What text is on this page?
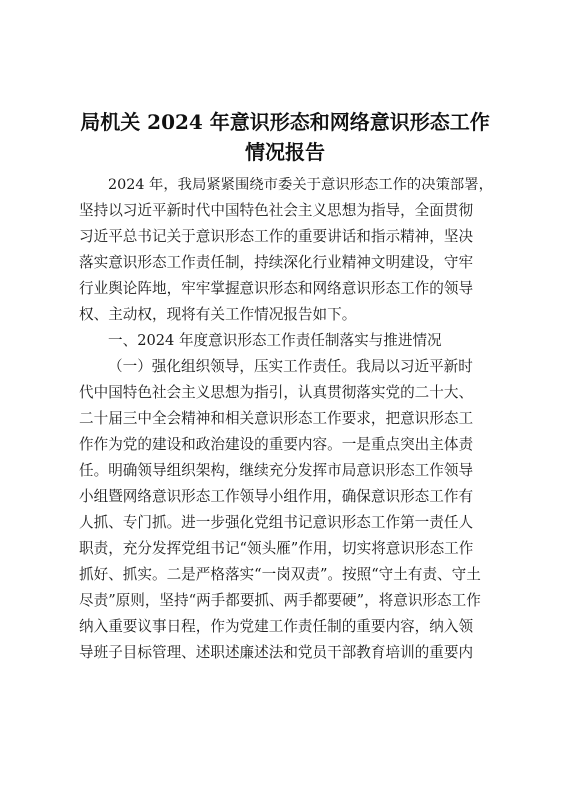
局机关 2024 年意识形态和网络意识形态工作
情况报告

2024 年，我局紧紧围绕市委关于意识形态工作的决策部署，

坚持以习近平新时代中国特色社会主义思想为指导，全面贯彻

习近平总书记关于意识形态工作的重要讲话和指示精神，坚决

落实意识形态工作责任制，持续深化行业精神文明建设，守牢

行业舆论阵地，牢牢掌握意识形态和网络意识形态工作的领导

权、主动权，现将有关工作情况报告如下。

一、2024 年度意识形态工作责任制落实与推进情况

（一）强化组织领导，压实工作责任。我局以习近平新时

代中国特色社会主义思想为指引，认真贯彻落实党的二十大、

二十届三中全会精神和相关意识形态工作要求，把意识形态工

作作为党的建设和政治建设的重要内容。一是重点突出主体责

任。明确领导组织架构，继续充分发挥市局意识形态工作领导

小组暨网络意识形态工作领导小组作用，确保意识形态工作有

人抓、专门抓。进一步强化党组书记意识形态工作第一责任人

职责，充分发挥党组书记“领头雁”作用，切实将意识形态工作

抓好、抓实。二是严格落实“一岗双责”。按照“守土有责、守土

尽责”原则，坚持“两手都要抓、两手都要硬”，将意识形态工作

纳入重要议事日程，作为党建工作责任制的重要内容，纳入领

导班子目标管理、述职述廉述法和党员干部教育培训的重要内
